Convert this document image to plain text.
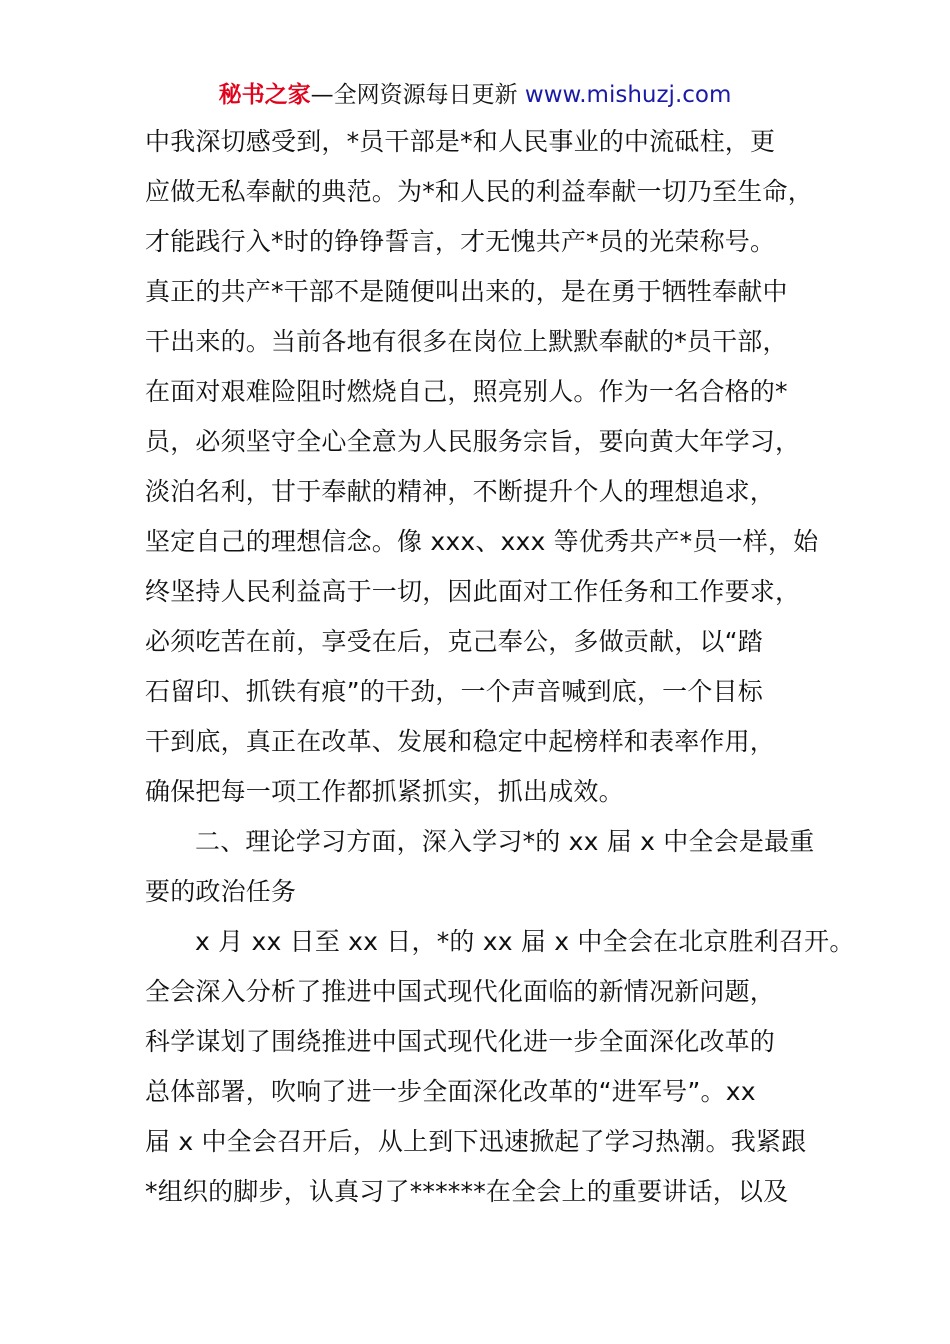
秘书之家—全网资源每日更新 www.mishuzj.com
中我深切感受到，*员干部是*和人民事业的中流砥柱，更
应做无私奉献的典范。为*和人民的利益奉献一切乃至生命，
才能践行入*时的铮铮誓言，才无愧共产*员的光荣称号。
真正的共产*干部不是随便叫出来的，是在勇于牺牲奉献中
干出来的。当前各地有很多在岗位上默默奉献的*员干部，
在面对艰难险阻时燃烧自己，照亮别人。作为一名合格的*
员，必须坚守全心全意为人民服务宗旨，要向黄大年学习，
淡泊名利，甘于奉献的精神，不断提升个人的理想追求，
坚定自己的理想信念。像 xxx、xxx 等优秀共产*员一样，始
终坚持人民利益高于一切，因此面对工作任务和工作要求，
必须吃苦在前，享受在后，克己奉公，多做贡献，以“踏
石留印、抓铁有痕”的干劲，一个声音喊到底，一个目标
干到底，真正在改革、发展和稳定中起榜样和表率作用，
确保把每一项工作都抓紧抓实，抓出成效。
二、理论学习方面，深入学习*的 xx 届 x 中全会是最重
要的政治任务
x 月 xx 日至 xx 日，*的 xx 届 x 中全会在北京胜利召开。
全会深入分析了推进中国式现代化面临的新情况新问题，
科学谋划了围绕推进中国式现代化进一步全面深化改革的
总体部署，吹响了进一步全面深化改革的“进军号”。xx
届 x 中全会召开后，从上到下迅速掀起了学习热潮。我紧跟
*组织的脚步，认真习了******在全会上的重要讲话，以及
